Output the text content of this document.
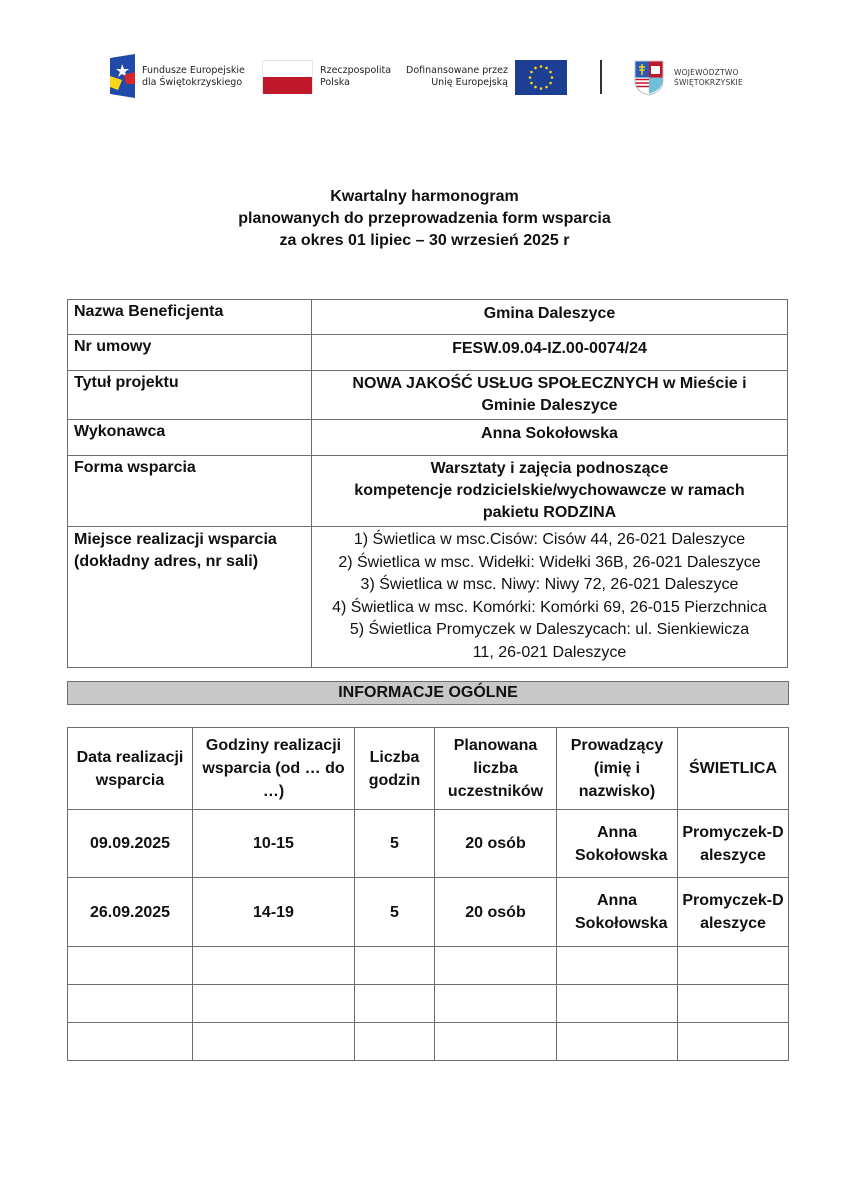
Fundusze Europejskie
dla Świętokrzyskiego
Rzeczpospolita
Polska
Dofinansowane przez
Unię Europejską
WOJEWÓDZTWO
ŚWIĘTOKRZYSKIE
Kwartalny harmonogram
planowanych do przeprowadzenia form wsparcia
za okres 01 lipiec – 30 wrzesień 2025 r
Nazwa Beneficjenta	Gmina Daleszyce
Nr umowy	FESW.09.04-IZ.00-0074/24
Tytuł projektu	NOWA JAKOŚĆ USŁUG SPOŁECZNYCH w Mieście i Gminie Daleszyce
Wykonawca	Anna Sokołowska
Forma wsparcia	Warsztaty i zajęcia podnoszące
kompetencje rodzicielskie/wychowawcze w ramach pakietu RODZINA

Miejsce realizacji wsparcia (dokładny adres, nr sali)	1) Świetlica w msc.Cisów: Cisów 44, 26-021 Daleszyce
2) Świetlica w msc. Widełki: Widełki 36B, 26-021 Daleszyce
3) Świetlica w msc. Niwy: Niwy 72, 26-021 Daleszyce
4) Świetlica w msc. Komórki: Komórki 69, 26-015 Pierzchnica
5) Świetlica Promyczek w Daleszycach: ul. Sienkiewicza 11, 26-021 Daleszyce
INFORMACJE OGÓLNE
Data realizacji wsparcia	Godziny realizacji wsparcia (od … do …)	Liczba godzin	Planowana liczba uczestników	Prowadzący (imię i nazwisko)	ŚWIETLICA
09.09.2025	10-15	5	20 osób	Anna Sokołowska	Promyczek-Daleszyce
26.09.2025	14-19	5	20 osób	Anna Sokołowska	Promyczek-Daleszyce
